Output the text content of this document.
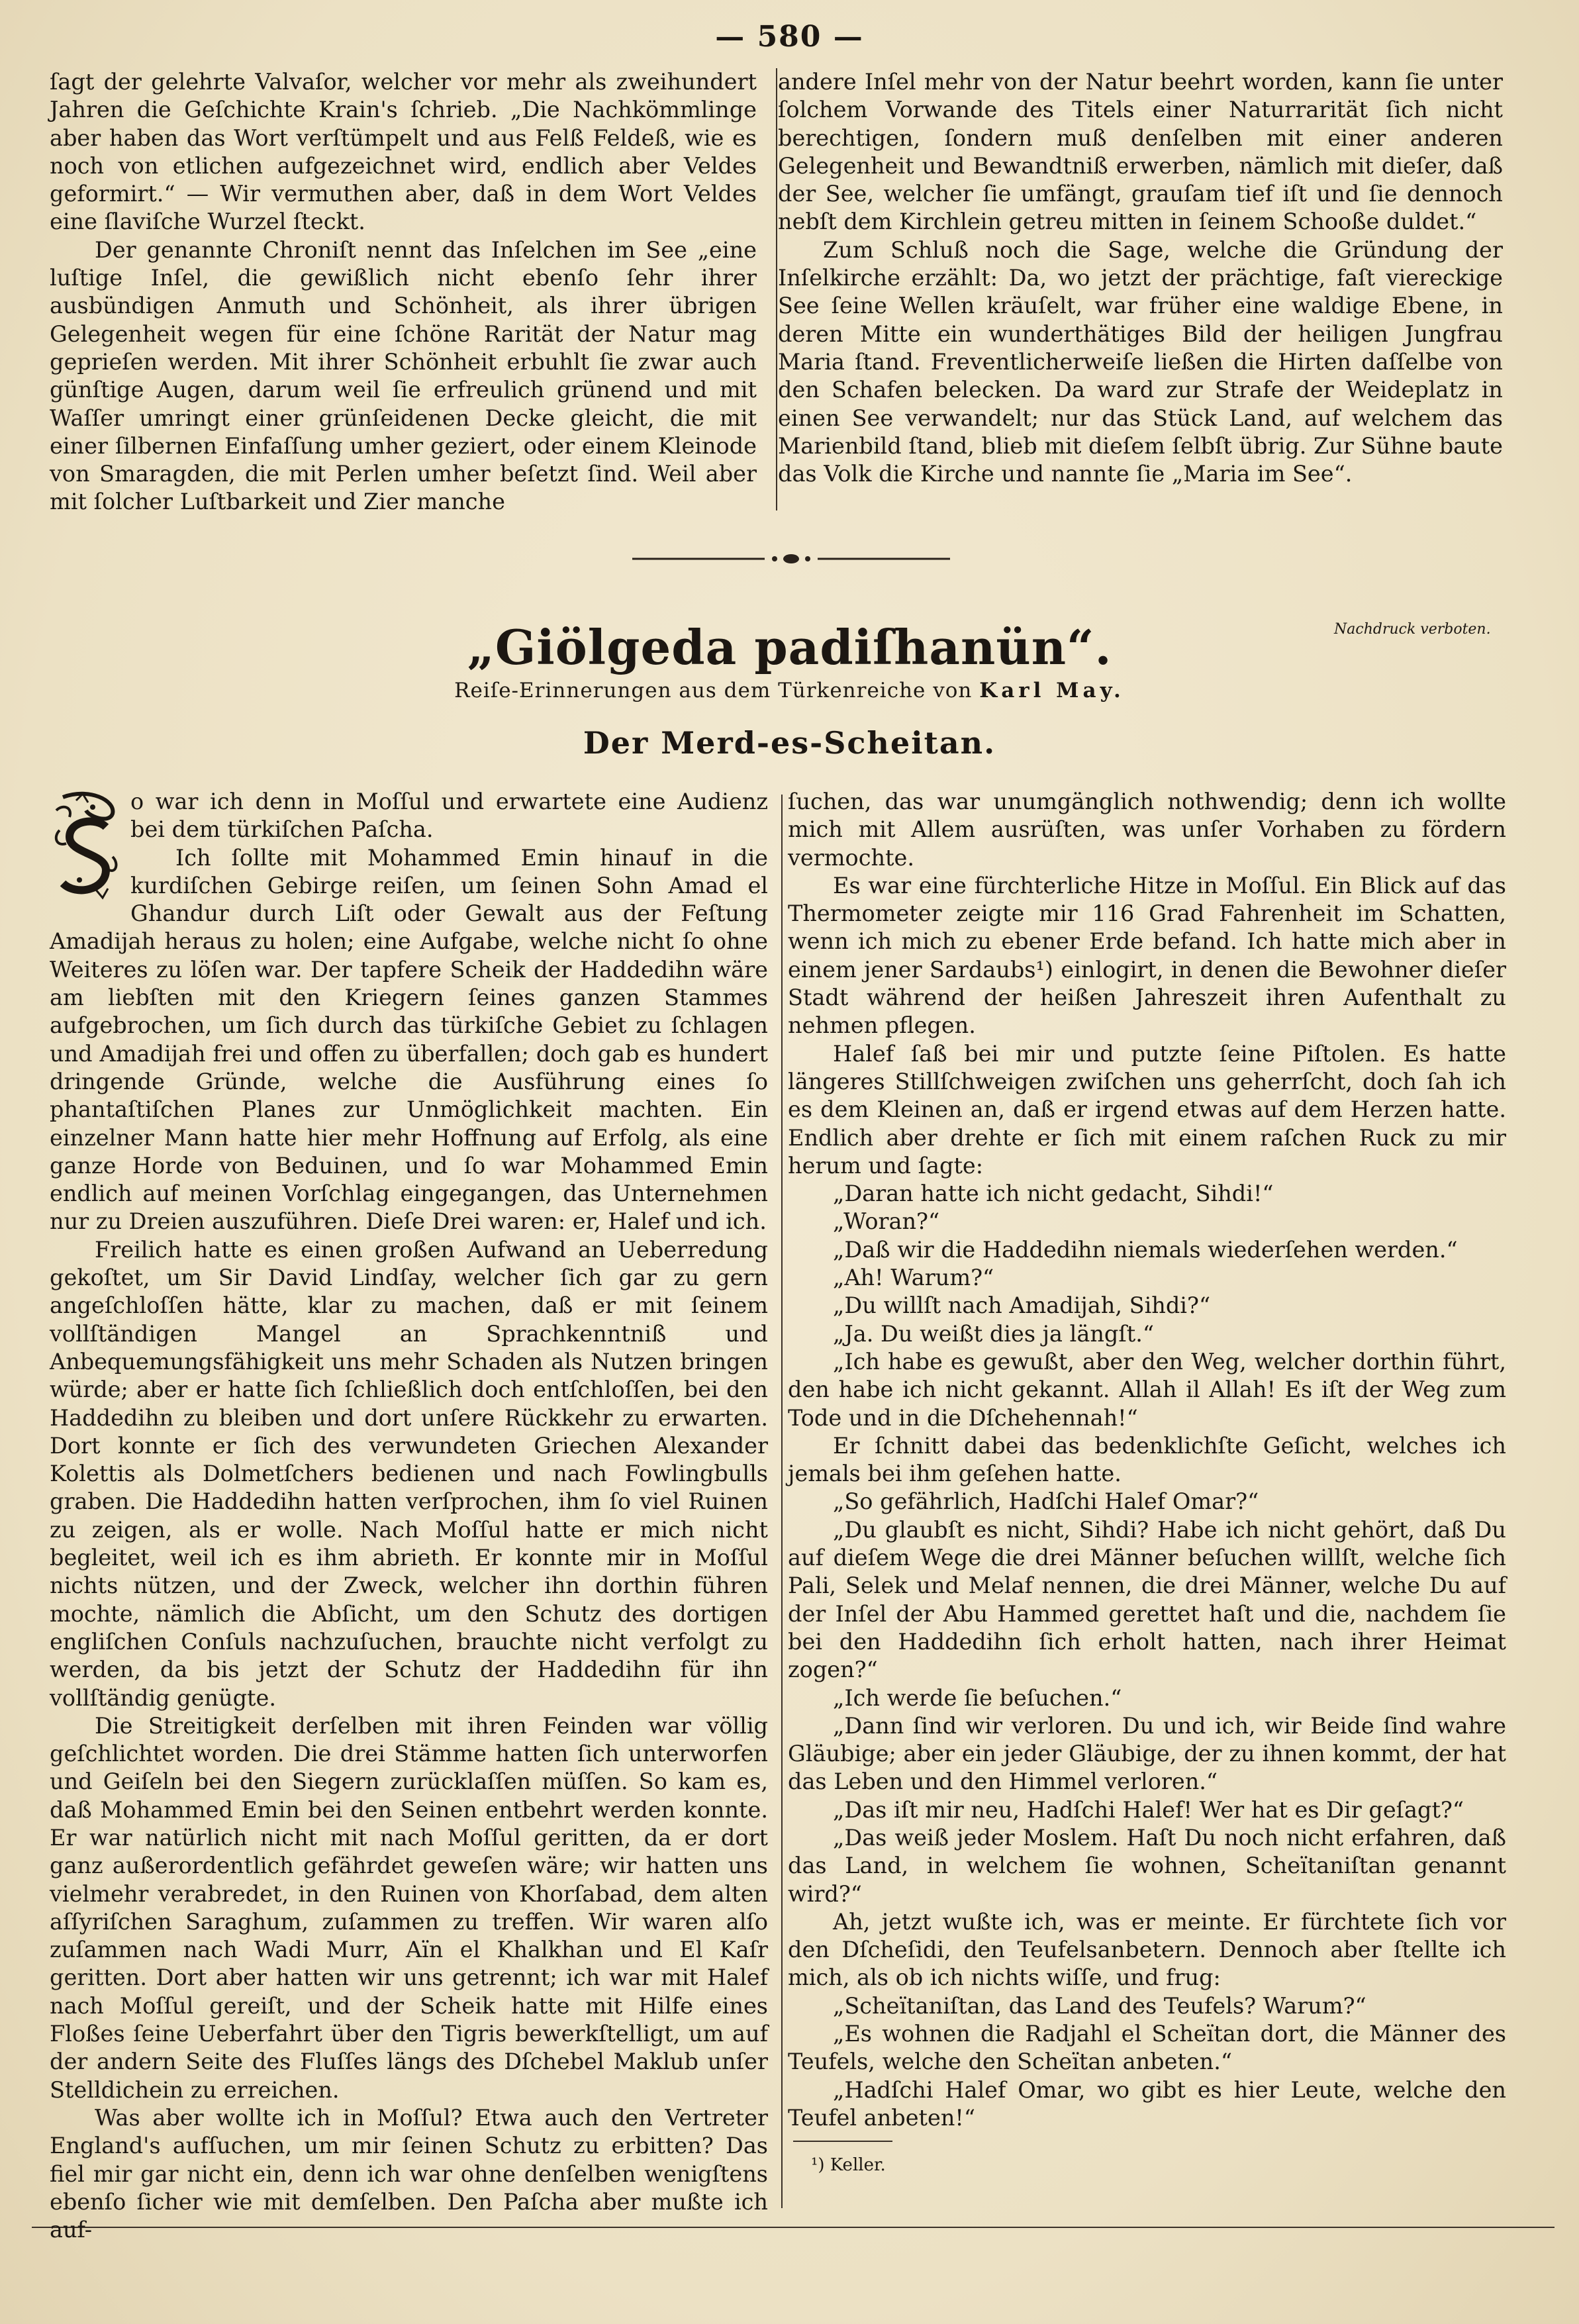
— 580 —

ſagt der gelehrte Valvaſor, welcher vor mehr als zweihundert Jahren die Geſchichte Krain's ſchrieb. „Die Nachkömmlinge aber haben das Wort verſtümpelt und aus Felß Feldeß, wie es noch von etlichen aufgezeichnet wird, endlich aber Veldes geformirt.“ — Wir vermuthen aber, daß in dem Wort Veldes eine ſlaviſche Wurzel ſteckt.

Der genannte Chroniſt nennt das Inſelchen im See „eine luſtige Inſel, die gewißlich nicht ebenſo ſehr ihrer ausbündigen Anmuth und Schönheit, als ihrer übrigen Gelegenheit wegen für eine ſchöne Rarität der Natur mag geprieſen werden. Mit ihrer Schönheit erbuhlt ſie zwar auch günſtige Augen, darum weil ſie erfreulich grünend und mit Waſſer umringt einer grünſeidenen Decke gleicht, die mit einer ſilbernen Einfaſſung umher geziert, oder einem Kleinode von Smaragden, die mit Perlen umher beſetzt ſind. Weil aber mit ſolcher Luſtbarkeit und Zier manche

andere Inſel mehr von der Natur beehrt worden, kann ſie unter ſolchem Vorwande des Titels einer Naturrarität ſich nicht berechtigen, ſondern muß denſelben mit einer anderen Gelegenheit und Bewandtniß erwerben, nämlich mit dieſer, daß der See, welcher ſie umfängt, grauſam tief iſt und ſie dennoch nebſt dem Kirchlein getreu mitten in ſeinem Schooße duldet.“

Zum Schluß noch die Sage, welche die Gründung der Inſelkirche erzählt: Da, wo jetzt der prächtige, faſt viereckige See ſeine Wellen kräuſelt, war früher eine waldige Ebene, in deren Mitte ein wunderthätiges Bild der heiligen Jungfrau Maria ſtand. Freventlicherweiſe ließen die Hirten daſſelbe von den Schafen belecken. Da ward zur Strafe der Weideplatz in einen See verwandelt; nur das Stück Land, auf welchem das Marienbild ſtand, blieb mit dieſem ſelbſt übrig. Zur Sühne baute das Volk die Kirche und nannte ſie „Maria im See“.

„Giölgeda padiſhanün“.	Nachdruck verboten.
Reiſe-Erinnerungen aus dem Türkenreiche von Karl May.
Der Merd-es-Scheitan.

o war ich denn in Moſſul und erwartete eine Audienz bei dem türkiſchen Paſcha.

Ich ſollte mit Mohammed Emin hinauf in die kurdiſchen Gebirge reiſen, um ſeinen Sohn Amad el Ghandur durch Liſt oder Gewalt aus der Feſtung Amadijah heraus zu holen; eine Aufgabe, welche nicht ſo ohne Weiteres zu löſen war. Der tapfere Scheik der Haddedihn wäre am liebſten mit den Kriegern ſeines ganzen Stammes aufgebrochen, um ſich durch das türkiſche Gebiet zu ſchlagen und Amadijah frei und offen zu überfallen; doch gab es hundert dringende Gründe, welche die Ausführung eines ſo phantaſtiſchen Planes zur Unmöglichkeit machten. Ein einzelner Mann hatte hier mehr Hoffnung auf Erfolg, als eine ganze Horde von Beduinen, und ſo war Mohammed Emin endlich auf meinen Vorſchlag eingegangen, das Unternehmen nur zu Dreien auszuführen. Dieſe Drei waren: er, Halef und ich.

Freilich hatte es einen großen Aufwand an Ueberredung gekoſtet, um Sir David Lindſay, welcher ſich gar zu gern angeſchloſſen hätte, klar zu machen, daß er mit ſeinem vollſtändigen Mangel an Sprachkenntniß und Anbequemungsfähigkeit uns mehr Schaden als Nutzen bringen würde; aber er hatte ſich ſchließlich doch entſchloſſen, bei den Haddedihn zu bleiben und dort unſere Rückkehr zu erwarten. Dort konnte er ſich des verwundeten Griechen Alexander Kolettis als Dolmetſchers bedienen und nach Fowlingbulls graben. Die Haddedihn hatten verſprochen, ihm ſo viel Ruinen zu zeigen, als er wolle. Nach Moſſul hatte er mich nicht begleitet, weil ich es ihm abrieth. Er konnte mir in Moſſul nichts nützen, und der Zweck, welcher ihn dorthin führen mochte, nämlich die Abſicht, um den Schutz des dortigen engliſchen Conſuls nachzuſuchen, brauchte nicht verfolgt zu werden, da bis jetzt der Schutz der Haddedihn für ihn vollſtändig genügte.

Die Streitigkeit derſelben mit ihren Feinden war völlig geſchlichtet worden. Die drei Stämme hatten ſich unterworfen und Geiſeln bei den Siegern zurücklaſſen müſſen. So kam es, daß Mohammed Emin bei den Seinen entbehrt werden konnte. Er war natürlich nicht mit nach Moſſul geritten, da er dort ganz außerordentlich gefährdet geweſen wäre; wir hatten uns vielmehr verabredet, in den Ruinen von Khorſabad, dem alten aſſyriſchen Saraghum, zuſammen zu treffen. Wir waren alſo zuſammen nach Wadi Murr, Aïn el Khalkhan und El Kaſr geritten. Dort aber hatten wir uns getrennt; ich war mit Halef nach Moſſul gereiſt, und der Scheik hatte mit Hilfe eines Floßes ſeine Ueberfahrt über den Tigris bewerkſtelligt, um auf der andern Seite des Fluſſes längs des Dſchebel Maklub unſer Stelldichein zu erreichen.

Was aber wollte ich in Moſſul? Etwa auch den Vertreter England's aufſuchen, um mir ſeinen Schutz zu erbitten? Das fiel mir gar nicht ein, denn ich war ohne denſelben wenigſtens ebenſo ſicher wie mit demſelben. Den Paſcha aber mußte ich auf-

ſuchen, das war unumgänglich nothwendig; denn ich wollte mich mit Allem ausrüſten, was unſer Vorhaben zu fördern vermochte.

Es war eine fürchterliche Hitze in Moſſul. Ein Blick auf das Thermometer zeigte mir 116 Grad Fahrenheit im Schatten, wenn ich mich zu ebener Erde befand. Ich hatte mich aber in einem jener Sardaubs¹) einlogirt, in denen die Bewohner dieſer Stadt während der heißen Jahreszeit ihren Aufenthalt zu nehmen pflegen.

Halef ſaß bei mir und putzte ſeine Piſtolen. Es hatte längeres Stillſchweigen zwiſchen uns geherrſcht, doch ſah ich es dem Kleinen an, daß er irgend etwas auf dem Herzen hatte. Endlich aber drehte er ſich mit einem raſchen Ruck zu mir herum und ſagte:

„Daran hatte ich nicht gedacht, Sihdi!“

„Woran?“

„Daß wir die Haddedihn niemals wiederſehen werden.“

„Ah! Warum?“

„Du willſt nach Amadijah, Sihdi?“

„Ja. Du weißt dies ja längſt.“

„Ich habe es gewußt, aber den Weg, welcher dorthin führt, den habe ich nicht gekannt. Allah il Allah! Es iſt der Weg zum Tode und in die Dſchehennah!“

Er ſchnitt dabei das bedenklichſte Geſicht, welches ich jemals bei ihm geſehen hatte.

„So gefährlich, Hadſchi Halef Omar?“

„Du glaubſt es nicht, Sihdi? Habe ich nicht gehört, daß Du auf dieſem Wege die drei Männer beſuchen willſt, welche ſich Pali, Selek und Melaf nennen, die drei Männer, welche Du auf der Inſel der Abu Hammed gerettet haſt und die, nachdem ſie bei den Haddedihn ſich erholt hatten, nach ihrer Heimat zogen?“

„Ich werde ſie beſuchen.“

„Dann ſind wir verloren. Du und ich, wir Beide ſind wahre Gläubige; aber ein jeder Gläubige, der zu ihnen kommt, der hat das Leben und den Himmel verloren.“

„Das iſt mir neu, Hadſchi Halef! Wer hat es Dir geſagt?“

„Das weiß jeder Moslem. Haſt Du noch nicht erfahren, daß das Land, in welchem ſie wohnen, Scheïtaniſtan genannt wird?“

Ah, jetzt wußte ich, was er meinte. Er fürchtete ſich vor den Dſcheſidi, den Teufelsanbetern. Dennoch aber ſtellte ich mich, als ob ich nichts wiſſe, und frug:

„Scheïtaniſtan, das Land des Teufels? Warum?“

„Es wohnen die Radjahl el Scheïtan dort, die Männer des Teufels, welche den Scheïtan anbeten.“

„Hadſchi Halef Omar, wo gibt es hier Leute, welche den Teufel anbeten!“

¹) Keller.
